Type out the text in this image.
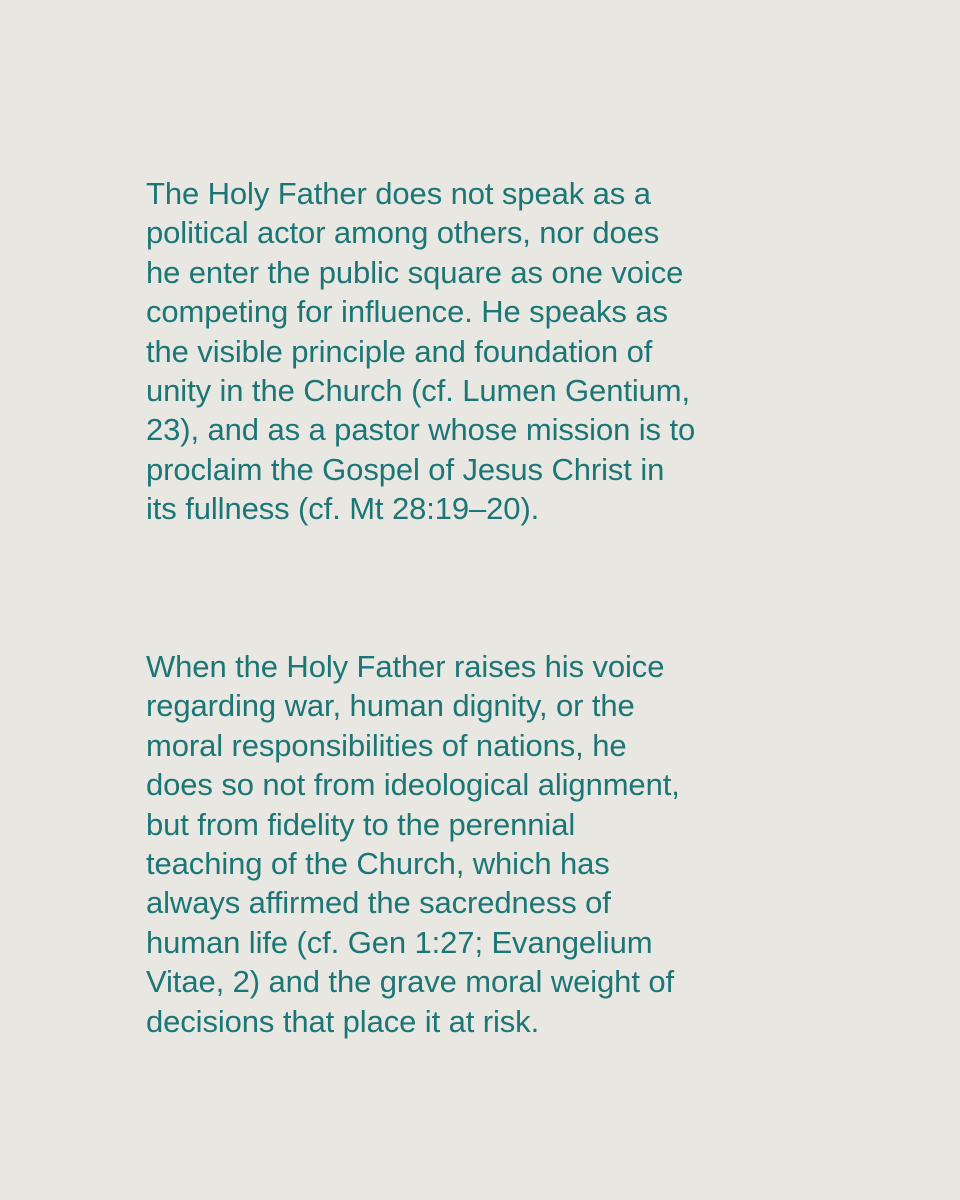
The Holy Father does not speak as a
political actor among others, nor does
he enter the public square as one voice
competing for influence. He speaks as
the visible principle and foundation of
unity in the Church (cf. Lumen Gentium,
23), and as a pastor whose mission is to
proclaim the Gospel of Jesus Christ in
its fullness (cf. Mt 28:19–20).

When the Holy Father raises his voice
regarding war, human dignity, or the
moral responsibilities of nations, he
does so not from ideological alignment,
but from fidelity to the perennial
teaching of the Church, which has
always affirmed the sacredness of
human life (cf. Gen 1:27; Evangelium
Vitae, 2) and the grave moral weight of
decisions that place it at risk.
